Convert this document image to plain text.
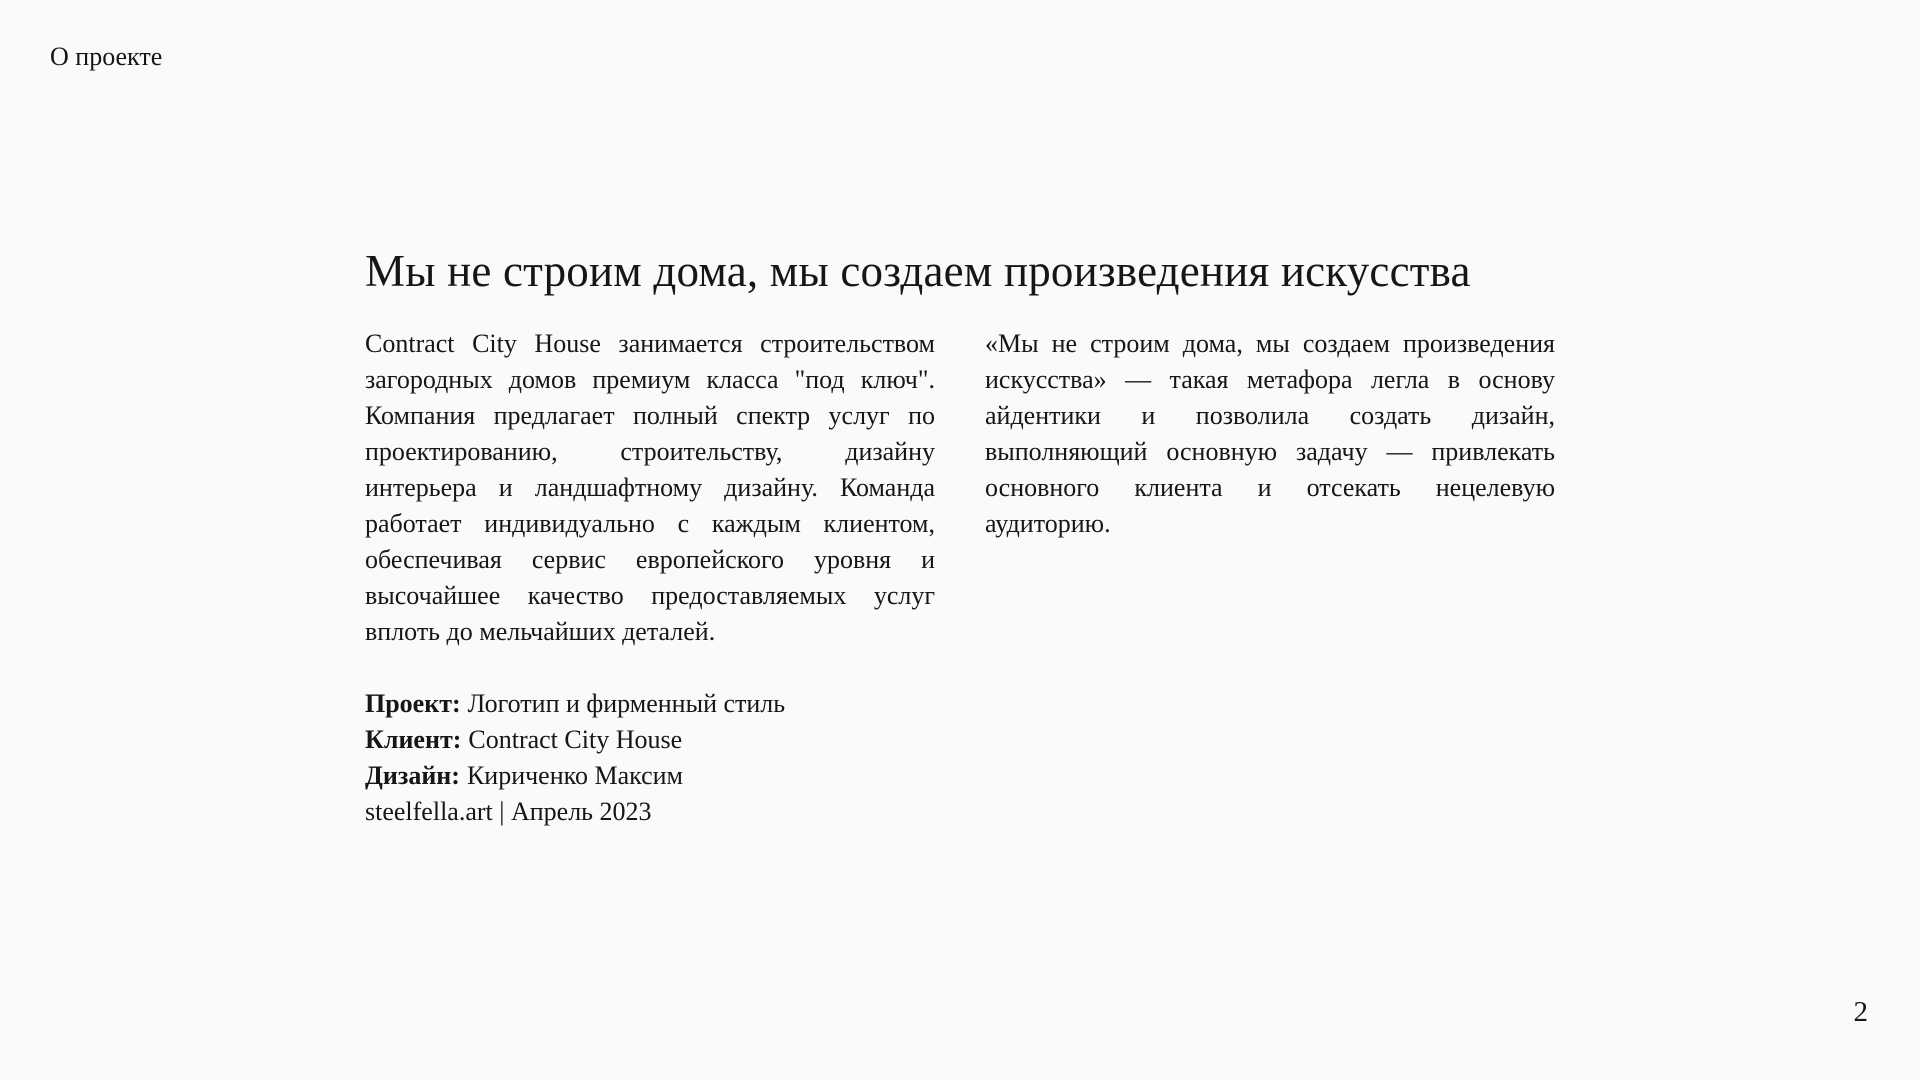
О проекте
Мы не строим дома, мы создаем произведения искусства

Contract City House занимается строительством загородных домов премиум класса "под ключ". Компания предлагает полный спектр услуг по проектированию, строительству, дизайну интерьера и ландшафтному дизайну. Команда работает индивидуально с каждым клиентом, обеспечивая сервис европейского уровня и высочайшее качество предоставляемых услуг вплоть до мельчайших деталей.

Проект: Логотип и фирменный стиль
Клиент: Contract City House
Дизайн: Кириченко Максим
steelfella.art | Апрель 2023

«Мы не строим дома, мы создаем произведения искусства» — такая метафора легла в основу айдентики и позволила создать дизайн, выполняющий основную задачу — привлекать основного клиента и отсекать нецелевую аудиторию.

2
